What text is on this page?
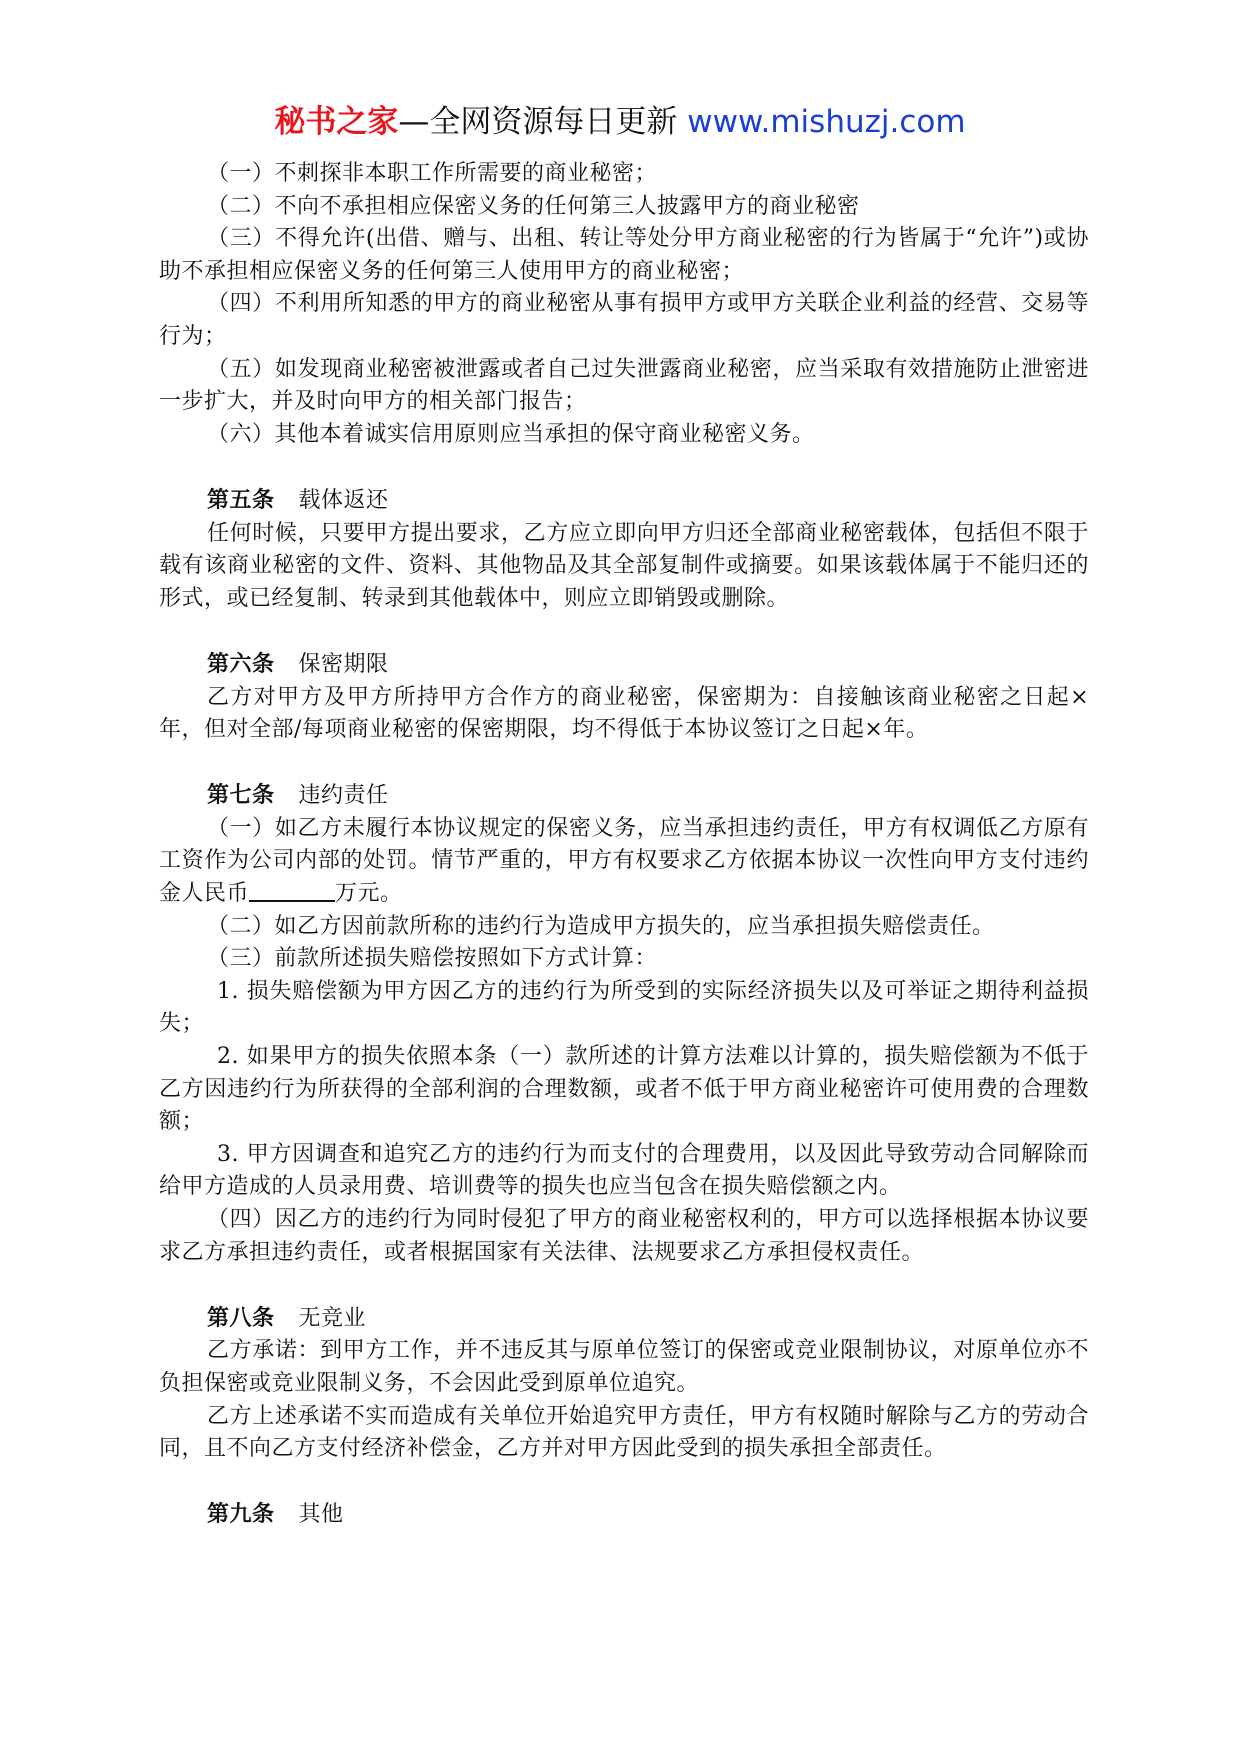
秘书之家—全网资源每日更新 www.mishuzj.com

（一）不刺探非本职工作所需要的商业秘密；

（二）不向不承担相应保密义务的任何第三人披露甲方的商业秘密

（三）不得允许(出借、赠与、出租、转让等处分甲方商业秘密的行为皆属于“允许”)或协助不承担相应保密义务的任何第三人使用甲方的商业秘密；

（四）不利用所知悉的甲方的商业秘密从事有损甲方或甲方关联企业利益的经营、交易等行为；

（五）如发现商业秘密被泄露或者自己过失泄露商业秘密，应当采取有效措施防止泄密进一步扩大，并及时向甲方的相关部门报告；

（六）其他本着诚实信用原则应当承担的保守商业秘密义务。

第五条 载体返还

任何时候，只要甲方提出要求，乙方应立即向甲方归还全部商业秘密载体，包括但不限于载有该商业秘密的文件、资料、其他物品及其全部复制件或摘要。如果该载体属于不能归还的形式，或已经复制、转录到其他载体中，则应立即销毁或删除。

第六条 保密期限

乙方对甲方及甲方所持甲方合作方的商业秘密，保密期为：自接触该商业秘密之日起×年，但对全部/每项商业秘密的保密期限，均不得低于本协议签订之日起×年。

第七条 违约责任

（一）如乙方未履行本协议规定的保密义务，应当承担违约责任，甲方有权调低乙方原有工资作为公司内部的处罚。情节严重的，甲方有权要求乙方依据本协议一次性向甲方支付违约金人民币	万元。

（二）如乙方因前款所称的违约行为造成甲方损失的，应当承担损失赔偿责任。

（三）前款所述损失赔偿按照如下方式计算：

1. 损失赔偿额为甲方因乙方的违约行为所受到的实际经济损失以及可举证之期待利益损失；

2. 如果甲方的损失依照本条（一）款所述的计算方法难以计算的，损失赔偿额为不低于乙方因违约行为所获得的全部利润的合理数额，或者不低于甲方商业秘密许可使用费的合理数额；

3. 甲方因调查和追究乙方的违约行为而支付的合理费用，以及因此导致劳动合同解除而给甲方造成的人员录用费、培训费等的损失也应当包含在损失赔偿额之内。

（四）因乙方的违约行为同时侵犯了甲方的商业秘密权利的，甲方可以选择根据本协议要求乙方承担违约责任，或者根据国家有关法律、法规要求乙方承担侵权责任。

第八条 无竞业

乙方承诺：到甲方工作，并不违反其与原单位签订的保密或竞业限制协议，对原单位亦不负担保密或竞业限制义务，不会因此受到原单位追究。

乙方上述承诺不实而造成有关单位开始追究甲方责任，甲方有权随时解除与乙方的劳动合同，且不向乙方支付经济补偿金，乙方并对甲方因此受到的损失承担全部责任。

第九条 其他
